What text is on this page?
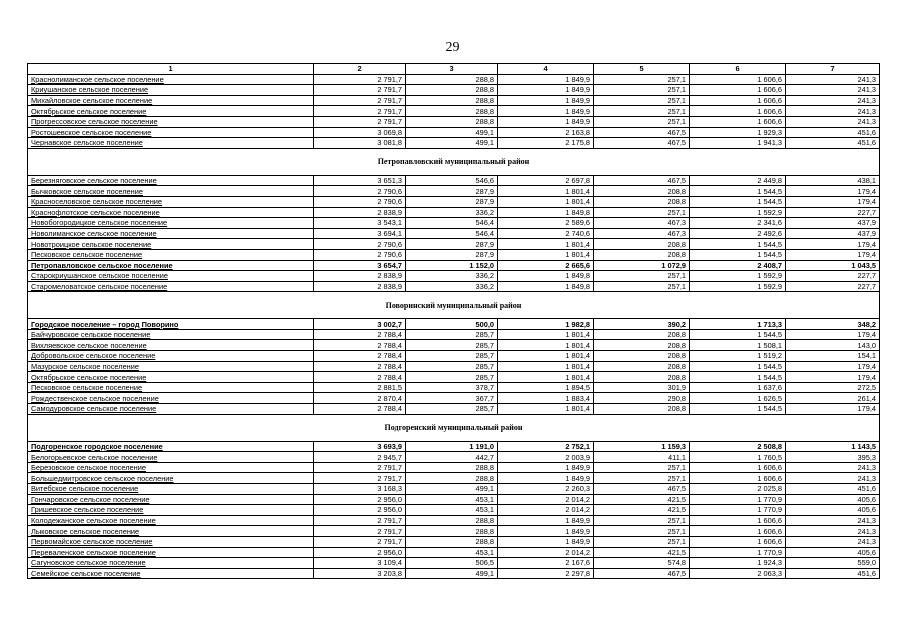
29
1	2	3	4	5	6	7
Краснолиманское сельское поселение	2 791,7	288,8	1 849,9	257,1	1 606,6	241,3
Криушанское сельское поселение	2 791,7	288,8	1 849,9	257,1	1 606,6	241,3
Михайловское сельское поселение	2 791,7	288,8	1 849,9	257,1	1 606,6	241,3
Октябрьское сельское поселение	2 791,7	288,8	1 849,9	257,1	1 606,6	241,3
Прогрессовское сельское поселение	2 791,7	288,8	1 849,9	257,1	1 606,6	241,3
Ростошевское сельское поселение	3 069,8	499,1	2 163,8	467,5	1 929,3	451,6
Чернавское сельское поселение	3 081,8	499,1	2 175,8	467,5	1 941,3	451,6
Петропавловский муниципальный район						
Березняговское сельское поселение	3 651,3	546,6	2 697,8	467,5	2 449,8	438,1
Бычковское сельское поселение	2 790,6	287,9	1 801,4	208,8	1 544,5	179,4
Красноселовское сельское поселение	2 790,6	287,9	1 801,4	208,8	1 544,5	179,4
Краснофлотское сельское поселение	2 838,9	336,2	1 849,8	257,1	1 592,9	227,7
Новобогородицкое сельское поселение	3 543,1	546,4	2 589,6	467,3	2 341,6	437,9
Новолиманское сельское поселение	3 694,1	546,4	2 740,6	467,3	2 492,6	437,9
Новотроицкое сельское поселение	2 790,6	287,9	1 801,4	208,8	1 544,5	179,4
Песковское сельское поселение	2 790,6	287,9	1 801,4	208,8	1 544,5	179,4
Петропавловское сельское поселение	3 654,7	1 152,0	2 665,6	1 072,9	2 408,7	1 043,5
Старокриушанское сельское поселение	2 838,9	336,2	1 849,8	257,1	1 592,9	227,7
Старомеловатское сельское поселение	2 838,9	336,2	1 849,8	257,1	1 592,9	227,7
Поворинский муниципальный район						
Городское поселение – город Поворино	3 002,7	500,0	1 982,8	390,2	1 713,3	348,2
Байчуровское сельское поселение	2 788,4	285,7	1 801,4	208,8	1 544,5	179,4
Вихляевское сельское поселение	2 788,4	285,7	1 801,4	208,8	1 508,1	143,0
Добровольское сельское поселение	2 788,4	285,7	1 801,4	208,8	1 519,2	154,1
Мазурское сельское поселение	2 788,4	285,7	1 801,4	208,8	1 544,5	179,4
Октябрьское сельское поселение	2 788,4	285,7	1 801,4	208,8	1 544,5	179,4
Песковское сельское поселение	2 881,5	378,7	1 894,5	301,9	1 637,6	272,5
Рождественское сельское поселение	2 870,4	367,7	1 883,4	290,8	1 626,5	261,4
Самодуровское сельское поселение	2 788,4	285,7	1 801,4	208,8	1 544,5	179,4
Подгоренский муниципальный район						
Подгоренское городское поселение	3 693,9	1 191,0	2 752,1	1 159,3	2 508,8	1 143,5
Белогорьевское сельское поселение	2 945,7	442,7	2 003,9	411,1	1 760,5	395,3
Березовское сельское поселение	2 791,7	288,8	1 849,9	257,1	1 606,6	241,3
Большедмитровское сельское поселение	2 791,7	288,8	1 849,9	257,1	1 606,6	241,3
Витебское сельское поселение	3 168,3	499,1	2 260,3	467,5	2 025,8	451,6
Гончаровское сельское поселение	2 956,0	453,1	2 014,2	421,5	1 770,9	405,6
Гришевское сельское поселение	2 956,0	453,1	2 014,2	421,5	1 770,9	405,6
Колодежанское сельское поселение	2 791,7	288,8	1 849,9	257,1	1 606,6	241,3
Лыковское сельское поселение	2 791,7	288,8	1 849,9	257,1	1 606,6	241,3
Первомайское сельское поселение	2 791,7	288,8	1 849,9	257,1	1 606,6	241,3
Переваленское сельское поселение	2 956,0	453,1	2 014,2	421,5	1 770,9	405,6
Сагуновское сельское поселение	3 109,4	506,5	2 167,6	574,8	1 924,3	559,0
Семейское сельское поселение	3 203,8	499,1	2 297,8	467,5	2 063,3	451,6
